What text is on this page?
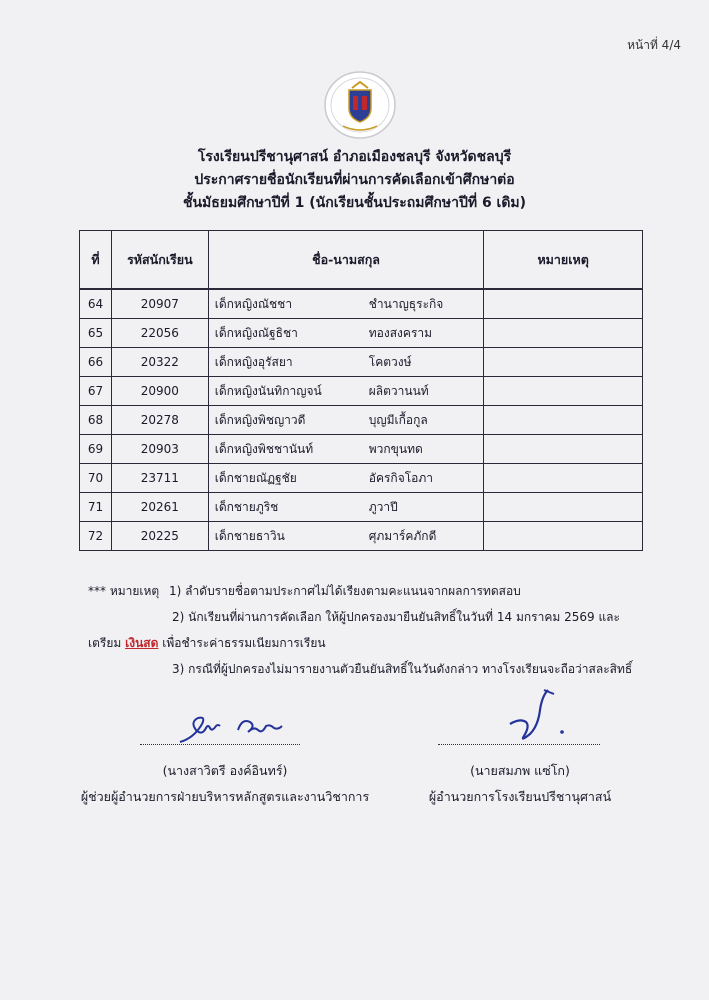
หน้าที่ 4/4
โรงเรียนปรีชานุศาสน์ อำภอเมืองชลบุรี จังหวัดชลบุรี
ประกาศรายชื่อนักเรียนที่ผ่านการคัดเลือกเข้าศึกษาต่อ
ชั้นมัธยมศึกษาปีที่ 1 (นักเรียนชั้นประถมศึกษาปีที่ 6 เดิม)
ที่	รหัสนักเรียน	ชื่อ-นามสกุล	หมายเหตุ
64	20907	เด็กหญิงณัชชา ชำนาญธุระกิจ	
65	22056	เด็กหญิงณัฐธิชา ทองสงคราม	
66	20322	เด็กหญิงอุรัสยา โคตวงษ์	
67	20900	เด็กหญิงนันทิกาญจน์ ผลิตวานนท์	
68	20278	เด็กหญิงพิชญาวดี บุญมีเกื้อกูล	
69	20903	เด็กหญิงพิชชานันท์ พวกขุนทด	
70	23711	เด็กชายณัฏฐชัย อัครกิจโอภา	
71	20261	เด็กชายภูริช ภูวาปี	
72	20225	เด็กชายธาวิน ศุภมาร์คภักดี	
*** หมายเหตุ 1) ลำดับรายชื่อตามประกาศไม่ได้เรียงตามคะแนนจากผลการทดสอบ
2) นักเรียนที่ผ่านการคัดเลือก ให้ผู้ปกครองมายืนยันสิทธิ์ในวันที่ 14 มกราคม 2569 และ
เตรียม เงินสด เพื่อชำระค่าธรรมเนียมการเรียน
3) กรณีที่ผู้ปกครองไม่มารายงานตัวยืนยันสิทธิ์ในวันดังกล่าว ทางโรงเรียนจะถือว่าสละสิทธิ์
(นางสาวิตรี องค์อินทร์)
ผู้ช่วยผู้อำนวยการฝ่ายบริหารหลักสูตรและงานวิชาการ
(นายสมภพ แซ่โก)
ผู้อำนวยการโรงเรียนปรีชานุศาสน์
